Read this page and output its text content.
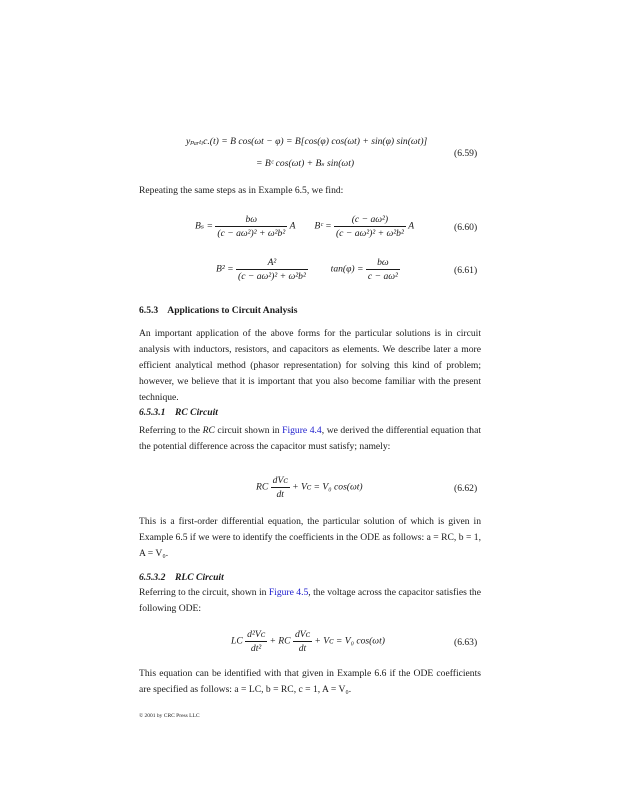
yₚₐᵣₜᵢc.(t) = B cos(ωt − φ) = B[cos(φ) cos(ωt) + sin(φ) sin(ωt)]
= Bᶜ cos(ωt) + Bₛ sin(ωt)
(6.59)
Repeating the same steps as in Example 6.5, we find:
$B_s = \frac{b\omega}{\text{(c − aω²)² + ω²b²}}$ A Bᶜ = $\frac{\text{(c − aω²)}}{\text{(c − aω²)² + ω²b²}}$ A	(6.60)
$B^2 = \frac{\text{A²}}{\text{(c − aω²)² + ω²b²}} \tan(\varphi) = \frac{b\omega}{\text{c − aω²}}$	(6.61)
6.5.3 Applications to Circuit Analysis
An important application of the above forms for the particular solutions is in circuit analysis with inductors, resistors, and capacitors as elements. We describe later a more efficient analytical method (phasor representation) for solving this kind of problem; however, we believe that it is important that you also become familiar with the present technique.
6.5.3.1 RC Circuit
Referring to the RC circuit shown in Figure 4.4, we derived the differential equation that the potential difference across the capacitor must satisfy; namely:
RC $\frac{\text{dVᴄ}}{dt}$ + Vᴄ = V₀ cos(ωt)	(6.62)
This is a first-order differential equation, the particular solution of which is given in Example 6.5 if we were to identify the coefficients in the ODE as follows: a = RC, b = 1, A = V₀.
6.5.3.2 RLC Circuit
Referring to the circuit, shown in Figure 4.5, the voltage across the capacitor satisfies the following ODE:
LC $\frac{\text{d²Vᴄ}}{\text{dt²}}$ + RC $\frac{\text{dVᴄ}}{dt}$ + Vᴄ = V₀ cos(ωt)	(6.63)
This equation can be identified with that given in Example 6.6 if the ODE coefficients are specified as follows: a = LC, b = RC, c = 1, A = V₀.
© 2001 by CRC Press LLC
